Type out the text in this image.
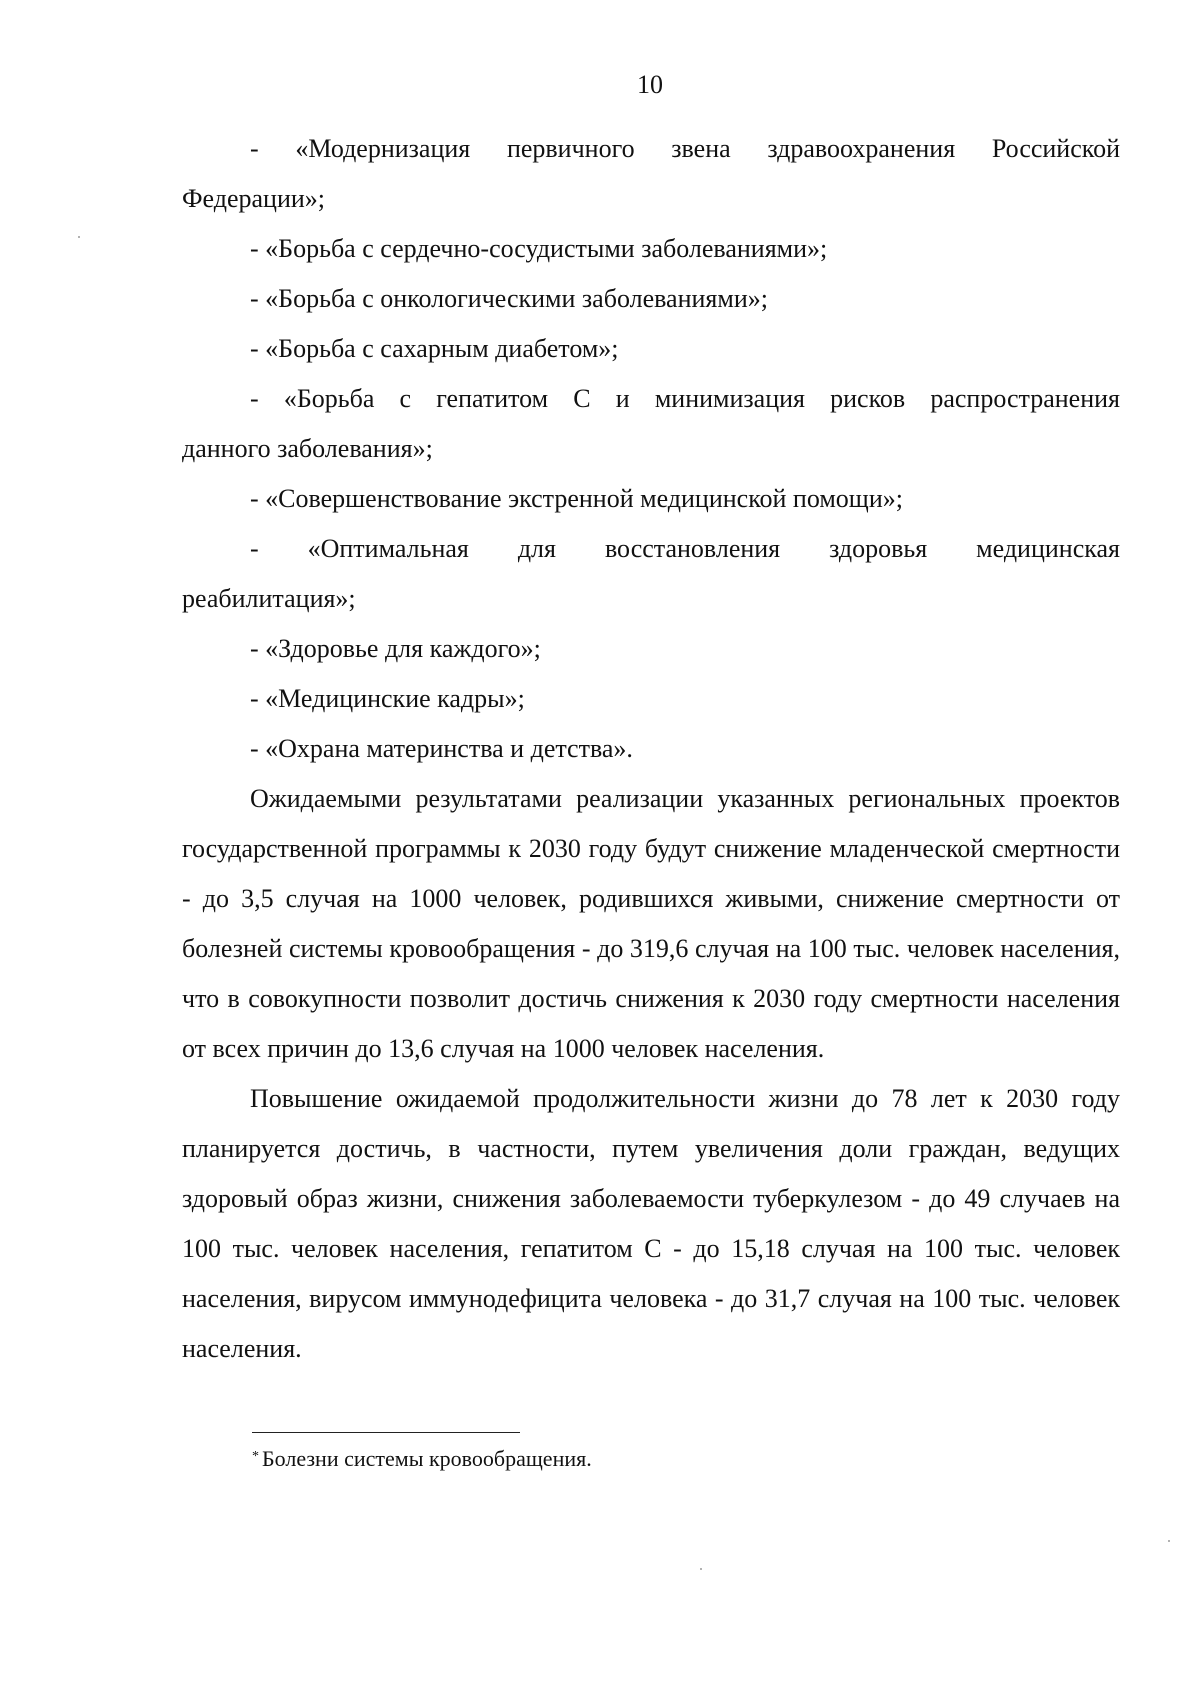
10
- «Модернизация первичного звена здравоохранения Российской
Федерации»;
- «Борьба с сердечно-сосудистыми заболеваниями»;
- «Борьба с онкологическими заболеваниями»;
- «Борьба с сахарным диабетом»;
- «Борьба с гепатитом С и минимизация рисков распространения
данного заболевания»;
- «Совершенствование экстренной медицинской помощи»;
- «Оптимальная для восстановления здоровья медицинская
реабилитация»;
- «Здоровье для каждого»;
- «Медицинские кадры»;
- «Охрана материнства и детства».

Ожидаемыми результатами реализации указанных региональных проектов государственной программы к 2030 году будут снижение младенческой смертности - до 3,5 случая на 1000 человек, родившихся живыми, снижение смертности от болезней системы кровообращения - до 319,6 случая на 100 тыс. человек населения, что в совокупности позволит достичь снижения к 2030 году смертности населения от всех причин до 13,6 случая на 1000 человек населения.

Повышение ожидаемой продолжительности жизни до 78 лет к 2030 году планируется достичь, в частности, путем увеличения доли граждан, ведущих здоровый образ жизни, снижения заболеваемости туберкулезом - до 49 случаев на 100 тыс. человек населения, гепатитом С - до 15,18 случая на 100 тыс. человек населения, вирусом иммунодефицита человека - до 31,7 случая на 100 тыс. человек населения.

* Болезни системы кровообращения.
